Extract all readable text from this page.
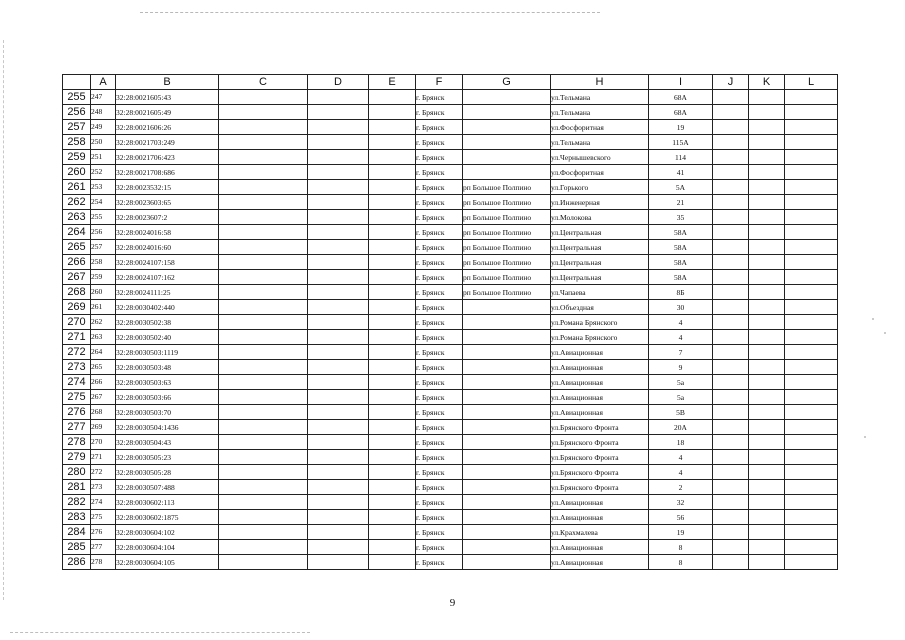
	A	B	C	D	E	F	G	H	I	J	K	L
255	247	32:28:0021605:43				г. Брянск		ул.Тельмана	68А			
256	248	32:28:0021605:49				г. Брянск		ул.Тельмана	68А			
257	249	32:28:0021606:26				г. Брянск		ул.Фосфоритная	19			
258	250	32:28:0021703:249				г. Брянск		ул.Тельмана	115А			
259	251	32:28:0021706:423				г. Брянск		ул.Чернышевского	114			
260	252	32:28:0021708:686				г. Брянск		ул.Фосфоритная	41			
261	253	32:28:0023532:15				г. Брянск	рп Большое Полпино	ул.Горького	5А			
262	254	32:28:0023603:65				г. Брянск	рп Большое Полпино	ул.Инженерная	21			
263	255	32:28:0023607:2				г. Брянск	рп Большое Полпино	ул.Молокова	35			
264	256	32:28:0024016:58				г. Брянск	рп Большое Полпино	ул.Центральная	58А			
265	257	32:28:0024016:60				г. Брянск	рп Большое Полпино	ул.Центральная	58А			
266	258	32:28:0024107:158				г. Брянск	рп Большое Полпино	ул.Центральная	58А			
267	259	32:28:0024107:162				г. Брянск	рп Большое Полпино	ул.Центральная	58А			
268	260	32:28:0024111:25				г. Брянск	рп Большое Полпино	ул.Чапаева	8Б			
269	261	32:28:0030402:440				г. Брянск		ул.Объездная	30			
270	262	32:28:0030502:38				г. Брянск		ул.Романа Брянского	4			
271	263	32:28:0030502:40				г. Брянск		ул.Романа Брянского	4			
272	264	32:28:0030503:1119				г. Брянск		ул.Авиационная	7			
273	265	32:28:0030503:48				г. Брянск		ул.Авиационная	9			
274	266	32:28:0030503:63				г. Брянск		ул.Авиационная	5а			
275	267	32:28:0030503:66				г. Брянск		ул.Авиационная	5а			
276	268	32:28:0030503:70				г. Брянск		ул.Авиационная	5В			
277	269	32:28:0030504:1436				г. Брянск		ул.Брянского Фронта	20А			
278	270	32:28:0030504:43				г. Брянск		ул.Брянского Фронта	18			
279	271	32:28:0030505:23				г. Брянск		ул.Брянского Фронта	4			
280	272	32:28:0030505:28				г. Брянск		ул.Брянского Фронта	4			
281	273	32:28:0030507:488				г. Брянск		ул.Брянского Фронта	2			
282	274	32:28:0030602:113				г. Брянск		ул.Авиационная	32			
283	275	32:28:0030602:1875				г. Брянск		ул.Авиационная	56			
284	276	32:28:0030604:102				г. Брянск		ул.Крахмалева	19			
285	277	32:28:0030604:104				г. Брянск		ул.Авиационная	8			
286	278	32:28:0030604:105				г. Брянск		ул.Авиационная	8			
9
